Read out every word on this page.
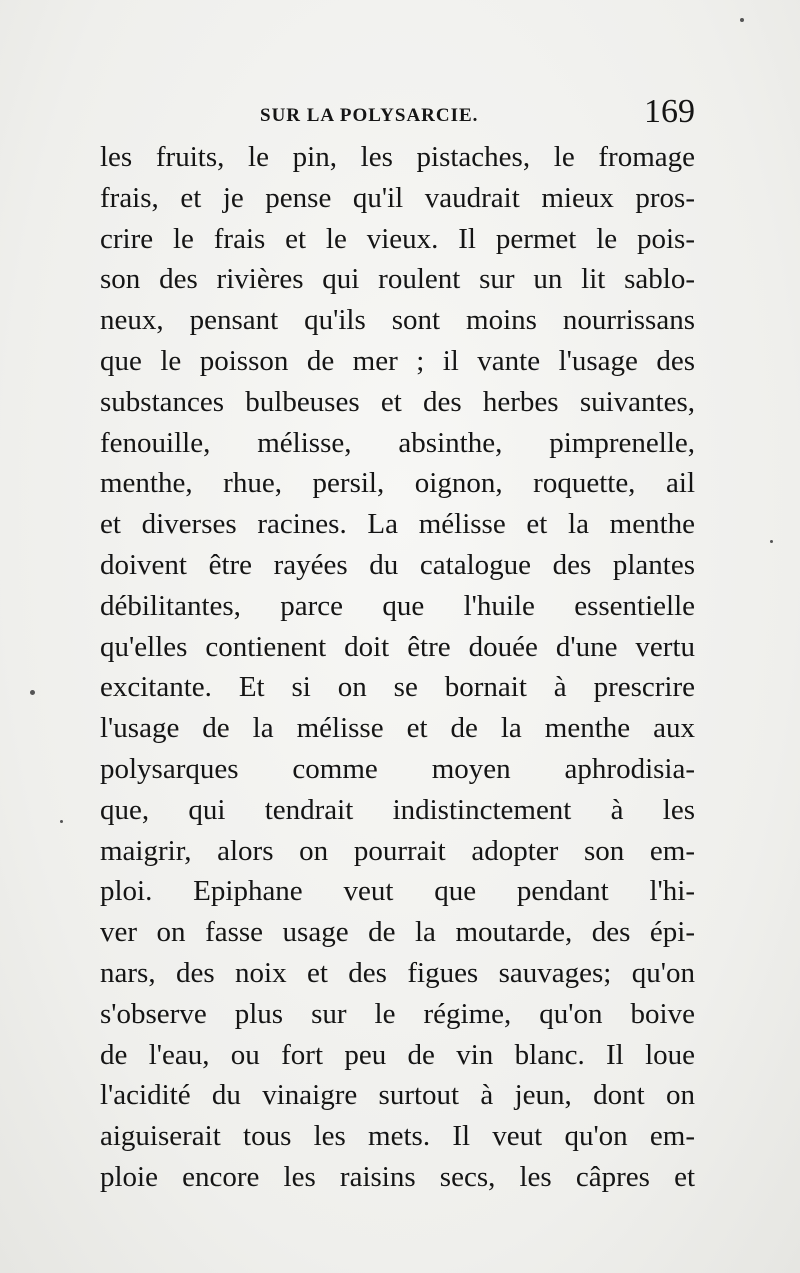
SUR LA POLYSARCIE.	169
les fruits, le pin, les pistaches, le fromage
frais, et je pense qu'il vaudrait mieux pros-
crire le frais et le vieux. Il permet le pois-
son des rivières qui roulent sur un lit sablo-
neux, pensant qu'ils sont moins nourrissans
que le poisson de mer ; il vante l'usage des
substances bulbeuses et des herbes suivantes,
fenouille, mélisse, absinthe, pimprenelle,
menthe, rhue, persil, oignon, roquette, ail
et diverses racines. La mélisse et la menthe
doivent être rayées du catalogue des plantes
débilitantes, parce que l'huile essentielle
qu'elles contienent doit être douée d'une vertu
excitante. Et si on se bornait à prescrire
l'usage de la mélisse et de la menthe aux
polysarques comme moyen aphrodisia-
que, qui tendrait indistinctement à les
maigrir, alors on pourrait adopter son em-
ploi. Epiphane veut que pendant l'hi-
ver on fasse usage de la moutarde, des épi-
nars, des noix et des figues sauvages; qu'on
s'observe plus sur le régime, qu'on boive
de l'eau, ou fort peu de vin blanc. Il loue
l'acidité du vinaigre surtout à jeun, dont on
aiguiserait tous les mets. Il veut qu'on em-
ploie encore les raisins secs, les câpres et
